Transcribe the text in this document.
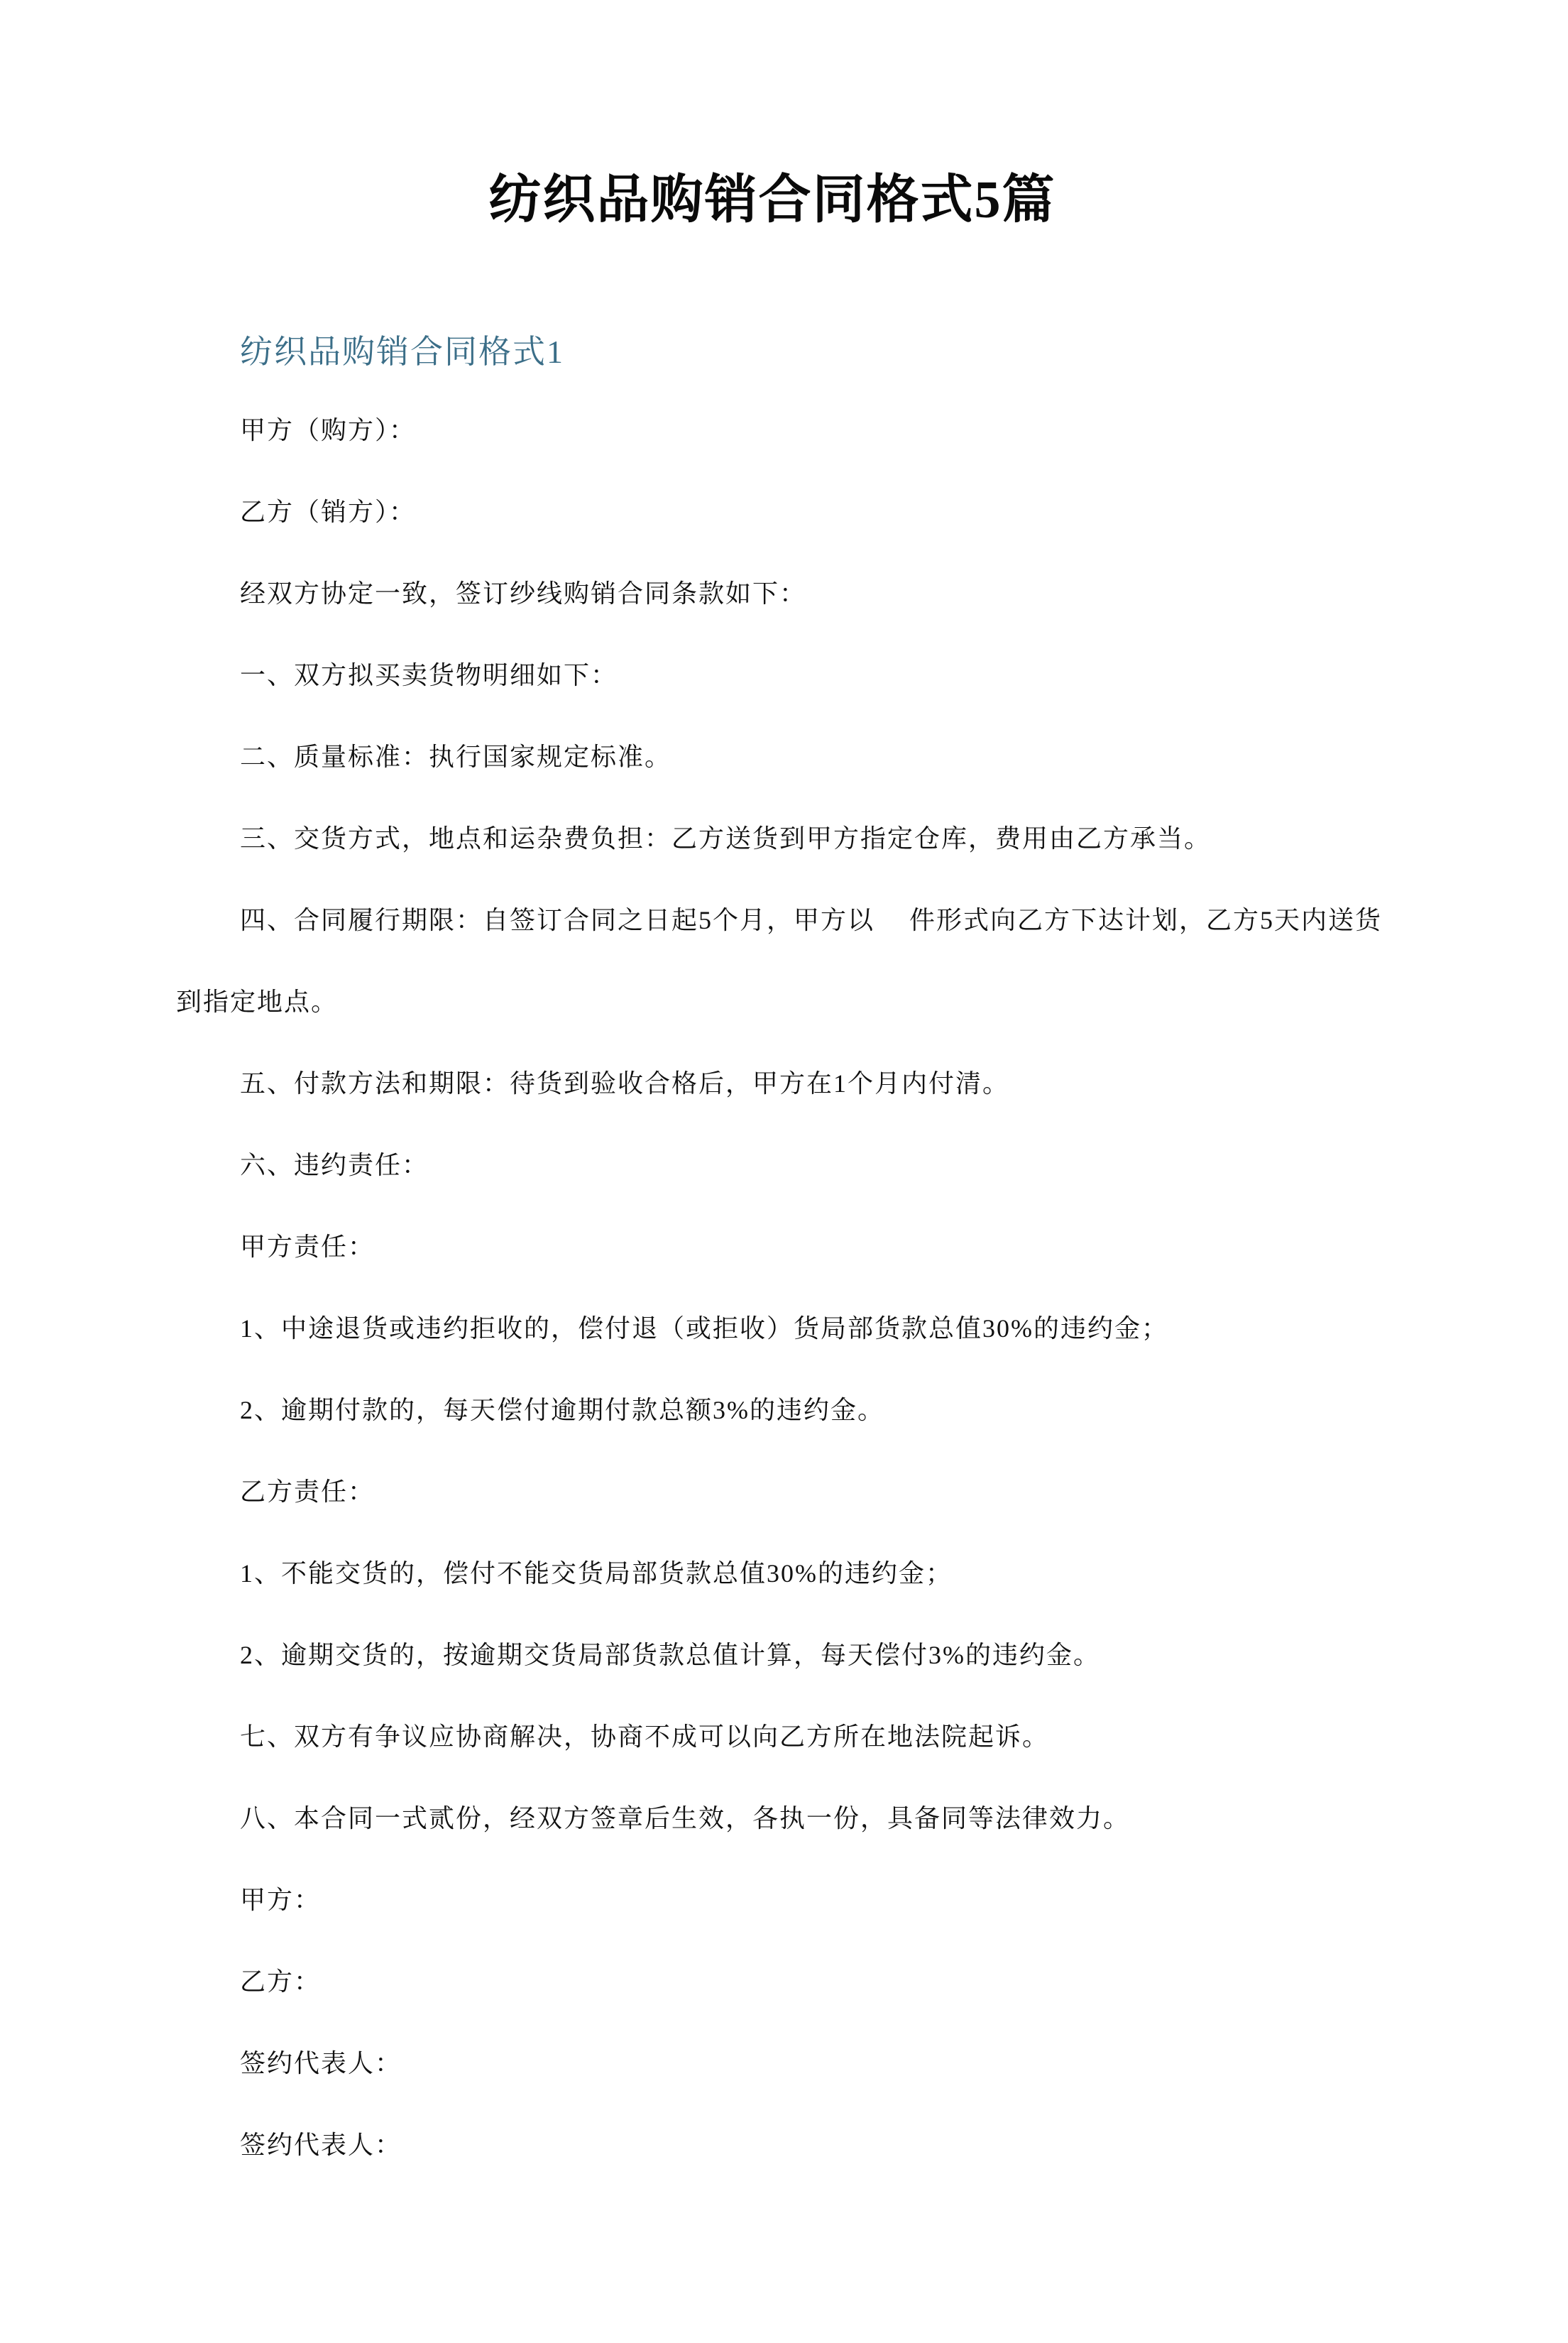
纺织品购销合同格式5篇
纺织品购销合同格式1

甲方（购方）：

乙方（销方）：

经双方协定一致，签订纱线购销合同条款如下：

一、双方拟买卖货物明细如下：

二、质量标准：执行国家规定标准。

三、交货方式，地点和运杂费负担：乙方送货到甲方指定仓库，费用由乙方承当。

四、合同履行期限：自签订合同之日起5个月，甲方以　 件形式向乙方下达计划，乙方5天内送货

到指定地点。

五、付款方法和期限：待货到验收合格后，甲方在1个月内付清。

六、违约责任：

甲方责任：

1、中途退货或违约拒收的，偿付退（或拒收）货局部货款总值30%的违约金；

2、逾期付款的，每天偿付逾期付款总额3%的违约金。

乙方责任：

1、不能交货的，偿付不能交货局部货款总值30%的违约金；

2、逾期交货的，按逾期交货局部货款总值计算，每天偿付3%的违约金。

七、双方有争议应协商解决，协商不成可以向乙方所在地法院起诉。

八、本合同一式贰份，经双方签章后生效，各执一份，具备同等法律效力。

甲方：

乙方：

签约代表人：

签约代表人：
